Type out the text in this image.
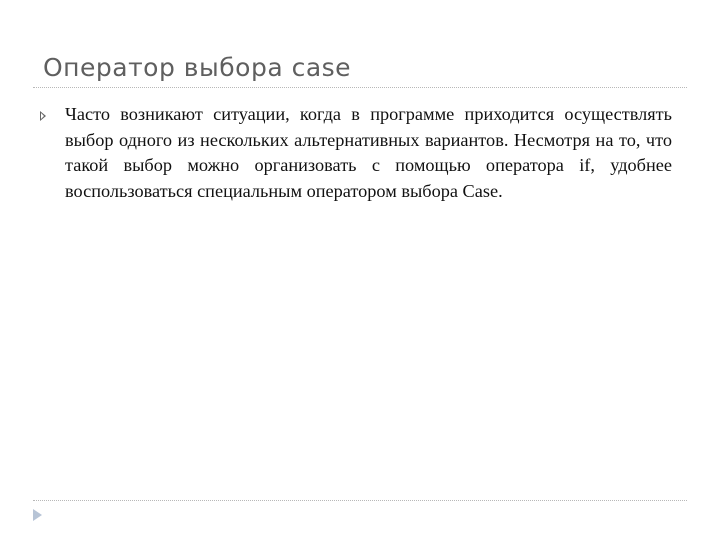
Оператор выбора case
Часто возникают ситуации, когда в программе приходится осуществлять выбор одного из нескольких альтернативных вариантов. Несмотря на то, что такой выбор можно организовать с помощью оператора if, удобнее воспользоваться специальным оператором выбора Case.
